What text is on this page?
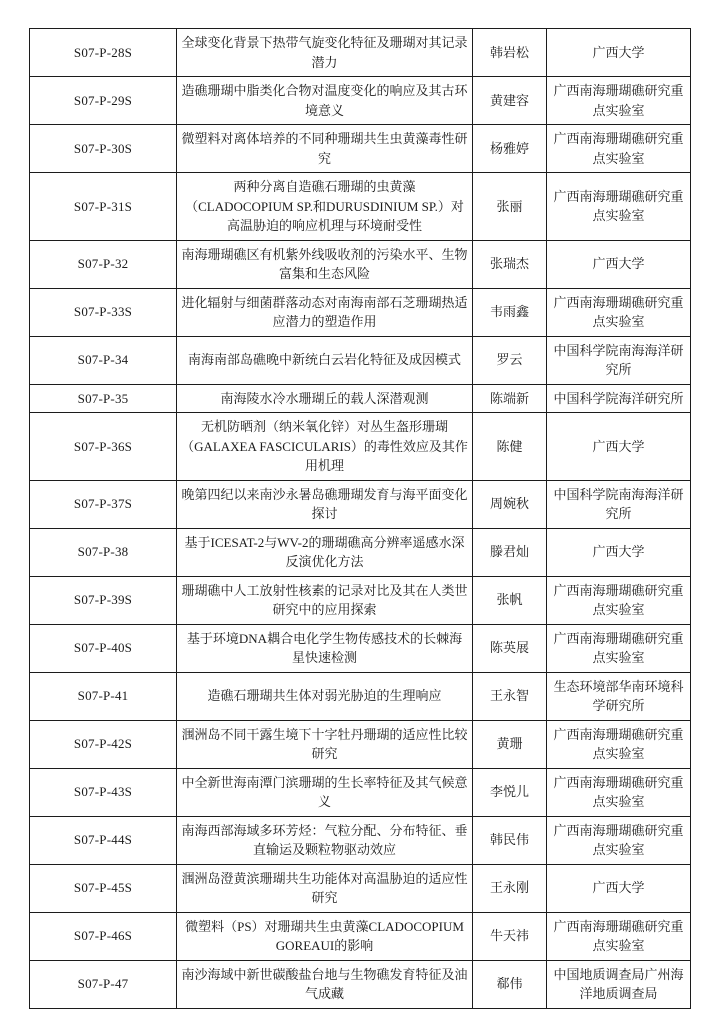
S07-P-28S	全球变化背景下热带气旋变化特征及珊瑚对其记录潜力	韩岩松	广西大学
S07-P-29S	造礁珊瑚中脂类化合物对温度变化的响应及其古环境意义	黄建容	广西南海珊瑚礁研究重点实验室
S07-P-30S	微塑料对离体培养的不同种珊瑚共生虫黄藻毒性研究	杨雅婷	广西南海珊瑚礁研究重点实验室
S07-P-31S	两种分离自造礁石珊瑚的虫黄藻（CLADOCOPIUM SP.和DURUSDINIUM SP.）对高温胁迫的响应机理与环境耐受性	张丽	广西南海珊瑚礁研究重点实验室
S07-P-32	南海珊瑚礁区有机紫外线吸收剂的污染水平、生物富集和生态风险	张瑞杰	广西大学
S07-P-33S	进化辐射与细菌群落动态对南海南部石芝珊瑚热适应潜力的塑造作用	韦雨鑫	广西南海珊瑚礁研究重点实验室
S07-P-34	南海南部岛礁晚中新统白云岩化特征及成因模式	罗云	中国科学院南海海洋研究所
S07-P-35	南海陵水冷水珊瑚丘的载人深潜观测	陈端新	中国科学院海洋研究所
S07-P-36S	无机防晒剂（纳米氧化锌）对丛生盔形珊瑚（GALAXEA FASCICULARIS）的毒性效应及其作用机理	陈健	广西大学
S07-P-37S	晚第四纪以来南沙永暑岛礁珊瑚发育与海平面变化探讨	周婉秋	中国科学院南海海洋研究所
S07-P-38	基于ICESAT-2与WV-2的珊瑚礁高分辨率遥感水深反演优化方法	滕君灿	广西大学
S07-P-39S	珊瑚礁中人工放射性核素的记录对比及其在人类世研究中的应用探索	张帆	广西南海珊瑚礁研究重点实验室
S07-P-40S	基于环境DNA耦合电化学生物传感技术的长棘海星快速检测	陈英展	广西南海珊瑚礁研究重点实验室
S07-P-41	造礁石珊瑚共生体对弱光胁迫的生理响应	王永智	生态环境部华南环境科学研究所
S07-P-42S	涠洲岛不同干露生境下十字牡丹珊瑚的适应性比较研究	黄珊	广西南海珊瑚礁研究重点实验室
S07-P-43S	中全新世海南潭门滨珊瑚的生长率特征及其气候意义	李悦儿	广西南海珊瑚礁研究重点实验室
S07-P-44S	南海西部海域多环芳烃：气粒分配、分布特征、垂直输运及颗粒物驱动效应	韩民伟	广西南海珊瑚礁研究重点实验室
S07-P-45S	涠洲岛澄黄滨珊瑚共生功能体对高温胁迫的适应性研究	王永刚	广西大学
S07-P-46S	微塑料（PS）对珊瑚共生虫黄藻CLADOCOPIUM GOREAUI的影响	牛天祎	广西南海珊瑚礁研究重点实验室
S07-P-47	南沙海域中新世碳酸盐台地与生物礁发育特征及油气成藏	郗伟	中国地质调查局广州海洋地质调查局
